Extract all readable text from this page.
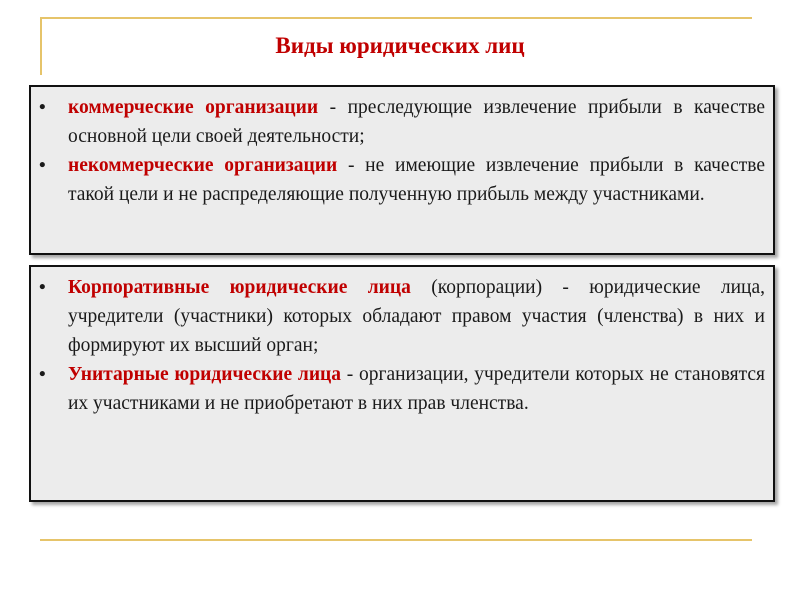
Виды юридических лиц
• коммерческие организации - преследующие извлечение прибыли в качестве основной цели своей деятельности;
• некоммерческие организации - не имеющие извлечение прибыли в качестве такой цели и не распределяющие полученную прибыль между участниками.
• Корпоративные юридические лица (корпорации) - юридические лица, учредители (участники) которых обладают правом участия (членства) в них и формируют их высший орган;
• Унитарные юридические лица - организации, учредители которых не становятся их участниками и не приобретают в них прав членства.
